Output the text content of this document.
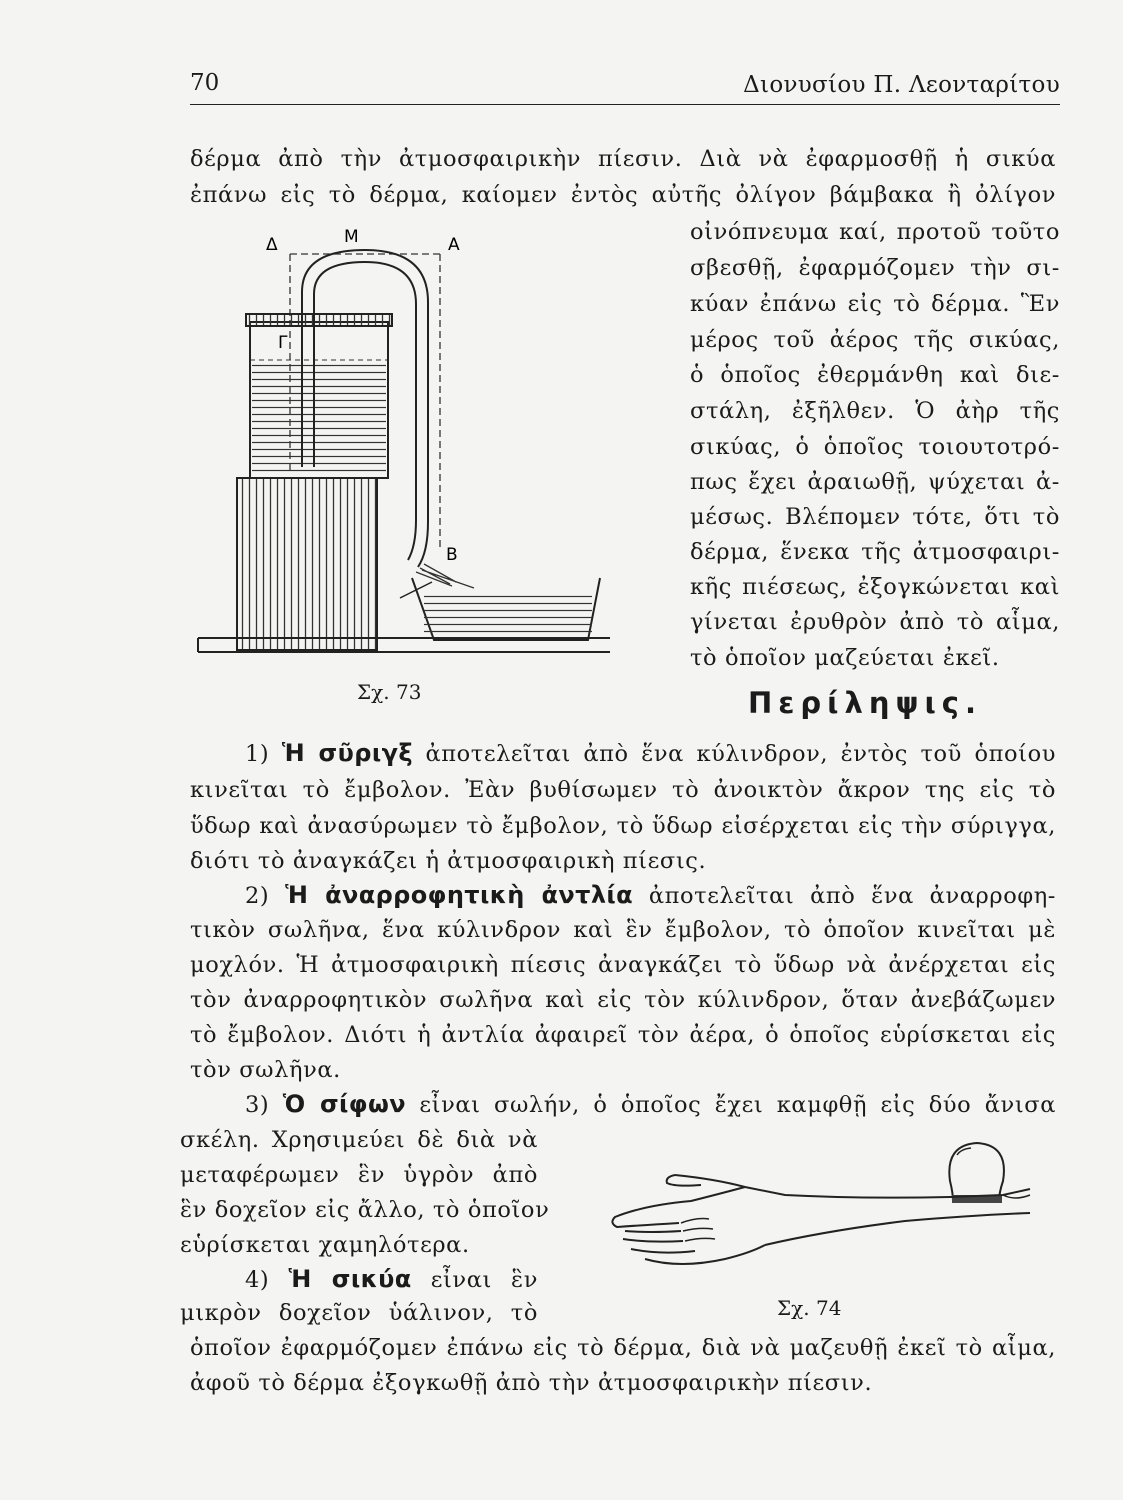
70	Διονυσίου Π. Λεονταρίτου
δέρμα ἀπὸ τὴν ἀτμοσφαιρικὴν πίεσιν. Διὰ νὰ ἐφαρμοσθῇ ἡ σικύα
ἐπάνω εἰς τὸ δέρμα, καίομεν ἐντὸς αὐτῆς ὀλίγον βάμβακα ἢ ὀλίγον
οἰνόπνευμα καί, προτοῦ τοῦτο
σβεσθῇ, ἐφαρμόζομεν τὴν σι-
κύαν ἐπάνω εἰς τὸ δέρμα. Ἓν
μέρος τοῦ ἀέρος τῆς σικύας,
ὁ ὁποῖος ἐθερμάνθη καὶ διε-
στάλη, ἐξῆλθεν. Ὁ ἀὴρ τῆς
σικύας, ὁ ὁποῖος τοιουτοτρό-
πως ἔχει ἀραιωθῇ, ψύχεται ἀ-
μέσως. Βλέπομεν τότε, ὅτι τὸ
δέρμα, ἕνεκα τῆς ἀτμοσφαιρι-
κῆς πιέσεως, ἐξογκώνεται καὶ
γίνεται ἐρυθρὸν ἀπὸ τὸ αἷμα,
τὸ ὁποῖον μαζεύεται ἐκεῖ.
Δ	Μ	Α
Γ
Β
Σχ. 73	Περίληψις.
1) Ἡ σῦριγξ ἀποτελεῖται ἀπὸ ἕνα κύλινδρον, ἐντὸς τοῦ ὁποίου
κινεῖται τὸ ἔμβολον. Ἐὰν βυθίσωμεν τὸ ἀνοικτὸν ἄκρον της εἰς τὸ
ὕδωρ καὶ ἀνασύρωμεν τὸ ἔμβολον, τὸ ὕδωρ εἰσέρχεται εἰς τὴν σύριγγα,
διότι τὸ ἀναγκάζει ἡ ἀτμοσφαιρικὴ πίεσις.
2) Ἡ ἀναρροφητικὴ ἀντλία ἀποτελεῖται ἀπὸ ἕνα ἀναρροφη-
τικὸν σωλῆνα, ἕνα κύλινδρον καὶ ἓν ἔμβολον, τὸ ὁποῖον κινεῖται μὲ
μοχλόν. Ἡ ἀτμοσφαιρικὴ πίεσις ἀναγκάζει τὸ ὕδωρ νὰ ἀνέρχεται εἰς
τὸν ἀναρροφητικὸν σωλῆνα καὶ εἰς τὸν κύλινδρον, ὅταν ἀνεβάζωμεν
τὸ ἔμβολον. Διότι ἡ ἀντλία ἀφαιρεῖ τὸν ἀέρα, ὁ ὁποῖος εὑρίσκεται εἰς
τὸν σωλῆνα.
3) Ὁ σίφων εἶναι σωλήν, ὁ ὁποῖος ἔχει καμφθῇ εἰς δύο ἄνισα
σκέλη. Χρησιμεύει δὲ διὰ νὰ
μεταφέρωμεν ἓν ὑγρὸν ἀπὸ
ἓν δοχεῖον εἰς ἄλλο, τὸ ὁποῖον
εὑρίσκεται χαμηλότερα.
4) Ἡ σικύα εἶναι ἓν
μικρὸν δοχεῖον ὑάλινον, τὸ
ὁποῖον ἐφαρμόζομεν ἐπάνω εἰς τὸ δέρμα, διὰ νὰ μαζευθῇ ἐκεῖ τὸ αἷμα,
ἀφοῦ τὸ δέρμα ἐξογκωθῇ ἀπὸ τὴν ἀτμοσφαιρικὴν πίεσιν.
Σχ. 74
